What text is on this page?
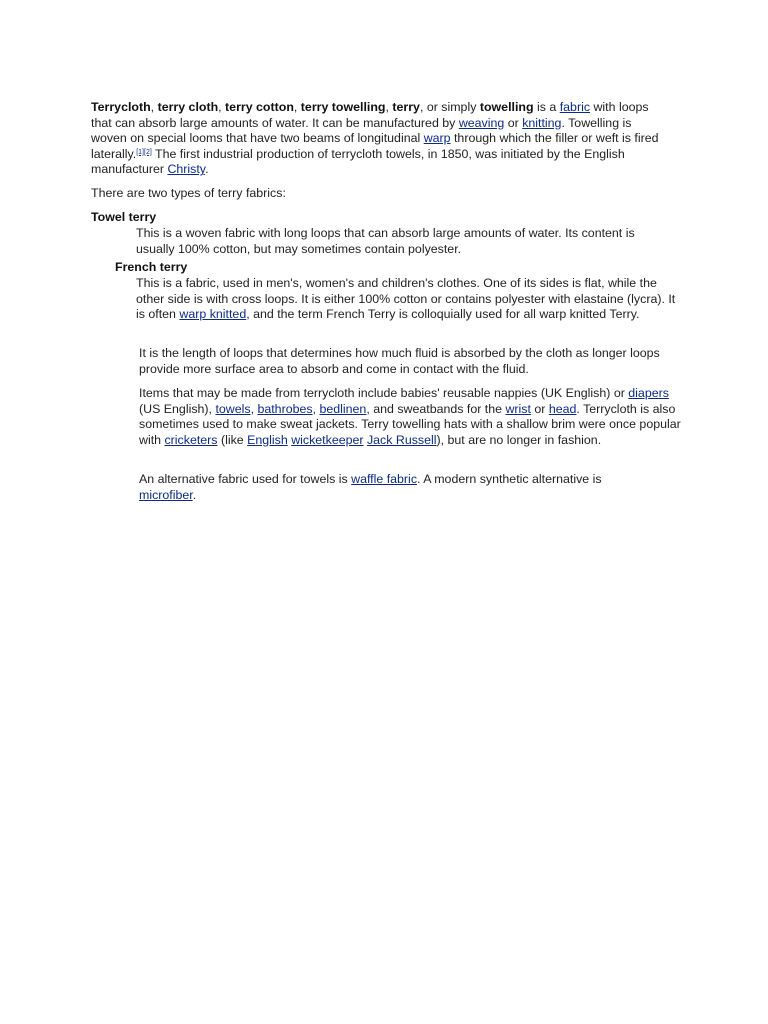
Terrycloth, terry cloth, terry cotton, terry towelling, terry, or simply towelling is a fabric with loops that can absorb large amounts of water. It can be manufactured by weaving or knitting. Towelling is woven on special looms that have two beams of longitudinal warp through which the filler or weft is fired laterally.[1][2] The first industrial production of terrycloth towels, in 1850, was initiated by the English manufacturer Christy.

There are two types of terry fabrics:

Towel terry

This is a woven fabric with long loops that can absorb large amounts of water. Its content is usually 100% cotton, but may sometimes contain polyester.

French terry

This is a fabric, used in men's, women's and children's clothes. One of its sides is flat, while the other side is with cross loops. It is either 100% cotton or contains polyester with elastaine (lycra). It is often warp knitted, and the term French Terry is colloquially used for all warp knitted Terry.

It is the length of loops that determines how much fluid is absorbed by the cloth as longer loops provide more surface area to absorb and come in contact with the fluid.

Items that may be made from terrycloth include babies' reusable nappies (UK English) or diapers (US English), towels, bathrobes, bedlinen, and sweatbands for the wrist or head. Terrycloth is also sometimes used to make sweat jackets. Terry towelling hats with a shallow brim were once popular with cricketers (like English wicketkeeper Jack Russell), but are no longer in fashion.

An alternative fabric used for towels is waffle fabric. A modern synthetic alternative is microfiber.
